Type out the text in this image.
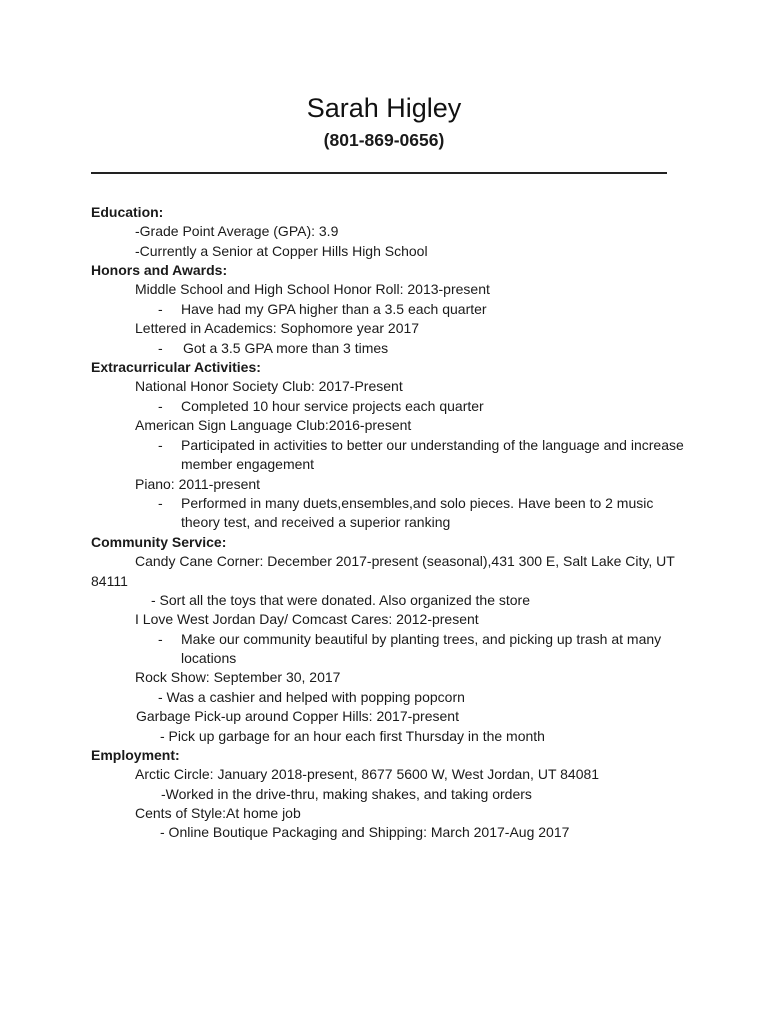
Sarah Higley
(801-869-0656)
Education:
-Grade Point Average (GPA): 3.9
-Currently a Senior at Copper Hills High School
Honors and Awards:
Middle School and High School Honor Roll: 2013-present
- Have had my GPA higher than a 3.5 each quarter
Lettered in Academics: Sophomore year 2017
- Got a 3.5 GPA more than 3 times
Extracurricular Activities:
National Honor Society Club: 2017-Present
- Completed 10 hour service projects each quarter
American Sign Language Club:2016-present
- Participated in activities to better our understanding of the language and increase
member engagement
Piano: 2011-present
- Performed in many duets,ensembles,and solo pieces. Have been to 2 music
theory test, and received a superior ranking
Community Service:
Candy Cane Corner: December 2017-present (seasonal),431 300 E, Salt Lake City, UT
84111
- Sort all the toys that were donated. Also organized the store
I Love West Jordan Day/ Comcast Cares: 2012-present
- Make our community beautiful by planting trees, and picking up trash at many
locations
Rock Show: September 30, 2017
- Was a cashier and helped with popping popcorn
Garbage Pick-up around Copper Hills: 2017-present
- Pick up garbage for an hour each first Thursday in the month
Employment:
Arctic Circle: January 2018-present, 8677 5600 W, West Jordan, UT 84081
-Worked in the drive-thru, making shakes, and taking orders
Cents of Style:At home job
- Online Boutique Packaging and Shipping: March 2017-Aug 2017
